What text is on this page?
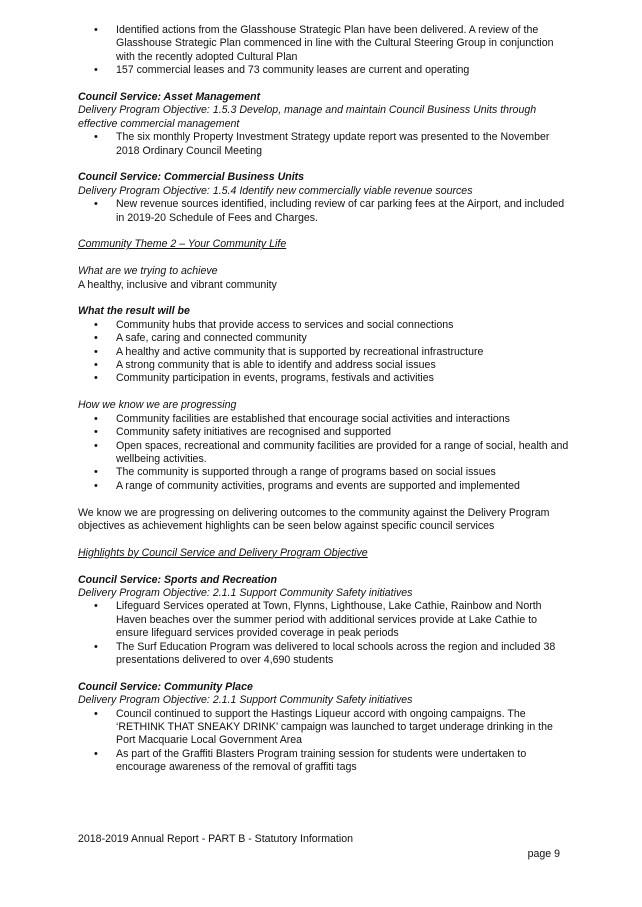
• Identified actions from the Glasshouse Strategic Plan have been delivered. A review of the Glasshouse Strategic Plan commenced in line with the Cultural Steering Group in conjunction with the recently adopted Cultural Plan
• 157 commercial leases and 73 community leases are current and operating

Council Service: Asset Management

Delivery Program Objective: 1.5.3 Develop, manage and maintain Council Business Units through effective commercial management

• The six monthly Property Investment Strategy update report was presented to the November 2018 Ordinary Council Meeting

Council Service: Commercial Business Units

Delivery Program Objective: 1.5.4 Identify new commercially viable revenue sources

• New revenue sources identified, including review of car parking fees at the Airport, and included in 2019-20 Schedule of Fees and Charges.

Community Theme 2 – Your Community Life

What are we trying to achieve

A healthy, inclusive and vibrant community

What the result will be

• Community hubs that provide access to services and social connections
• A safe, caring and connected community
• A healthy and active community that is supported by recreational infrastructure
• A strong community that is able to identify and address social issues
• Community participation in events, programs, festivals and activities

How we know we are progressing

• Community facilities are established that encourage social activities and interactions
• Community safety initiatives are recognised and supported
• Open spaces, recreational and community facilities are provided for a range of social, health and wellbeing activities.
• The community is supported through a range of programs based on social issues
• A range of community activities, programs and events are supported and implemented

We know we are progressing on delivering outcomes to the community against the Delivery Program objectives as achievement highlights can be seen below against specific council services

Highlights by Council Service and Delivery Program Objective

Council Service: Sports and Recreation

Delivery Program Objective: 2.1.1 Support Community Safety initiatives

• Lifeguard Services operated at Town, Flynns, Lighthouse, Lake Cathie, Rainbow and North Haven beaches over the summer period with additional services provide at Lake Cathie to ensure lifeguard services provided coverage in peak periods
• The Surf Education Program was delivered to local schools across the region and included 38 presentations delivered to over 4,690 students

Council Service: Community Place

Delivery Program Objective: 2.1.1 Support Community Safety initiatives

• Council continued to support the Hastings Liqueur accord with ongoing campaigns. The ‘RETHINK THAT SNEAKY DRINK’ campaign was launched to target underage drinking in the Port Macquarie Local Government Area
• As part of the Graffiti Blasters Program training session for students were undertaken to encourage awareness of the removal of graffiti tags
2018-2019 Annual Report - PART B - Statutory Information
page 9
